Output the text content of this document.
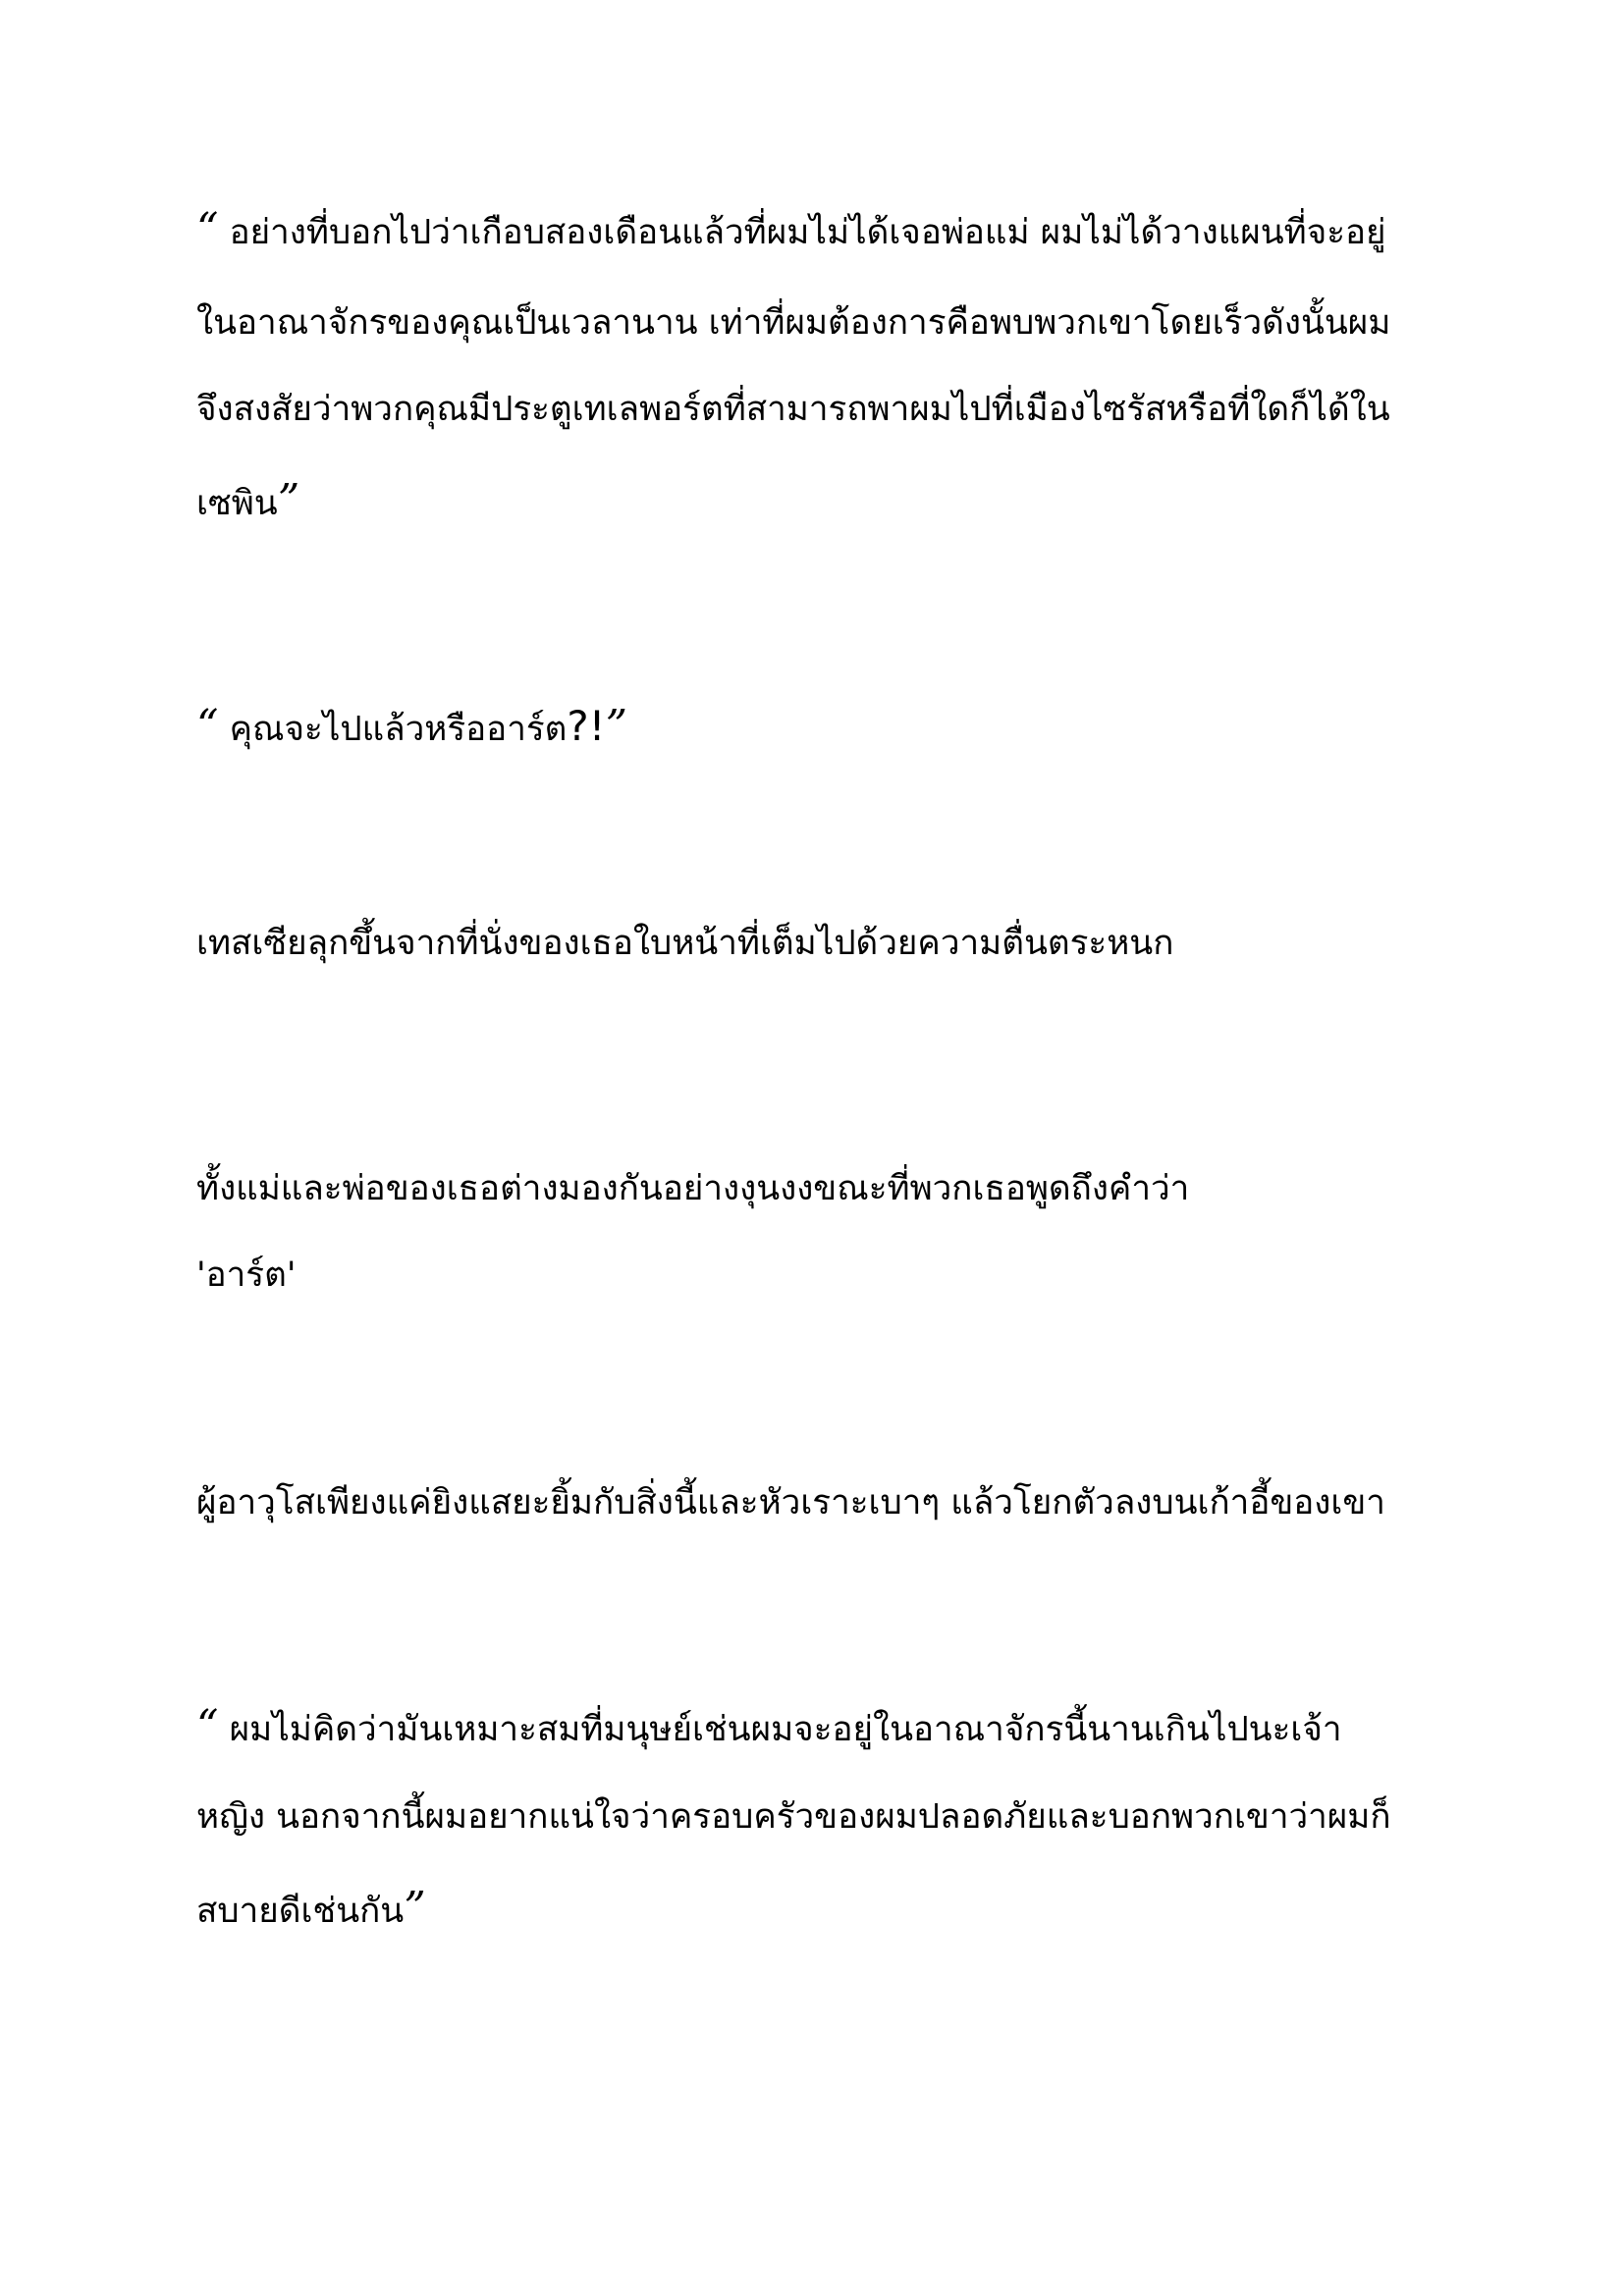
“ อย่างที่บอกไปว่าเกือบสองเดือนแล้วที่ผมไม่ได้เจอพ่อแม่ ผมไม่ได้วางแผนที่จะอยู่
ในอาณาจักรของคุณเป็นเวลานาน เท่าที่ผมต้องการคือพบพวกเขาโดยเร็วดังนั้นผม
จึงสงสัยว่าพวกคุณมีประตูเทเลพอร์ตที่สามารถพาผมไปที่เมืองไซรัสหรือที่ใดก็ได้ใน
เซพิน”
“ คุณจะไปแล้วหรืออาร์ต?!”
เทสเซียลุกขึ้นจากที่นั่งของเธอใบหน้าที่เต็มไปด้วยความตื่นตระหนก
ทั้งแม่และพ่อของเธอต่างมองกันอย่างงุนงงขณะที่พวกเธอพูดถึงคำว่า
'อาร์ต'
ผู้อาวุโสเพียงแค่ยิงแสยะยิ้มกับสิ่งนี้และหัวเราะเบาๆ แล้วโยกตัวลงบนเก้าอี้ของเขา
“ ผมไม่คิดว่ามันเหมาะสมที่มนุษย์เช่นผมจะอยู่ในอาณาจักรนี้นานเกินไปนะเจ้า
หญิง นอกจากนี้ผมอยากแน่ใจว่าครอบครัวของผมปลอดภัยและบอกพวกเขาว่าผมก็
สบายดีเช่นกัน”
